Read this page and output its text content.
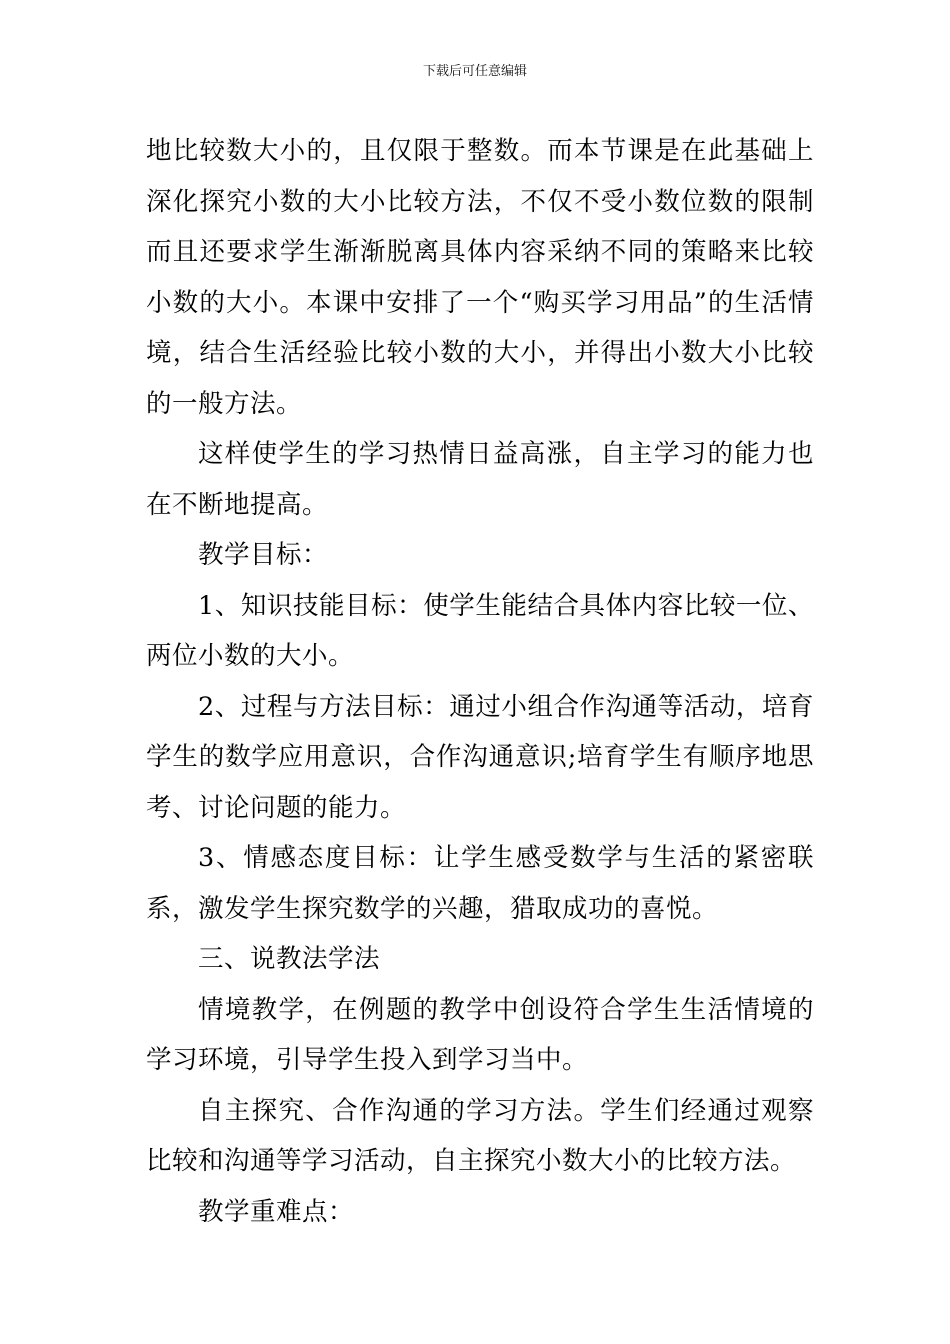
下载后可任意编辑

地比较数大小的，且仅限于整数。而本节课是在此基础上深化探究小数的大小比较方法，不仅不受小数位数的限制而且还要求学生渐渐脱离具体内容采纳不同的策略来比较小数的大小。本课中安排了一个“购买学习用品”的生活情境，结合生活经验比较小数的大小，并得出小数大小比较的一般方法。

这样使学生的学习热情日益高涨，自主学习的能力也在不断地提高。

教学目标：

1、知识技能目标：使学生能结合具体内容比较一位、两位小数的大小。

2、过程与方法目标：通过小组合作沟通等活动，培育学生的数学应用意识，合作沟通意识;培育学生有顺序地思考、讨论问题的能力。

3、情感态度目标：让学生感受数学与生活的紧密联系，激发学生探究数学的兴趣，猎取成功的喜悦。

三、说教法学法

情境教学，在例题的教学中创设符合学生生活情境的学习环境，引导学生投入到学习当中。

自主探究、合作沟通的学习方法。学生们经通过观察比较和沟通等学习活动，自主探究小数大小的比较方法。

教学重难点：
